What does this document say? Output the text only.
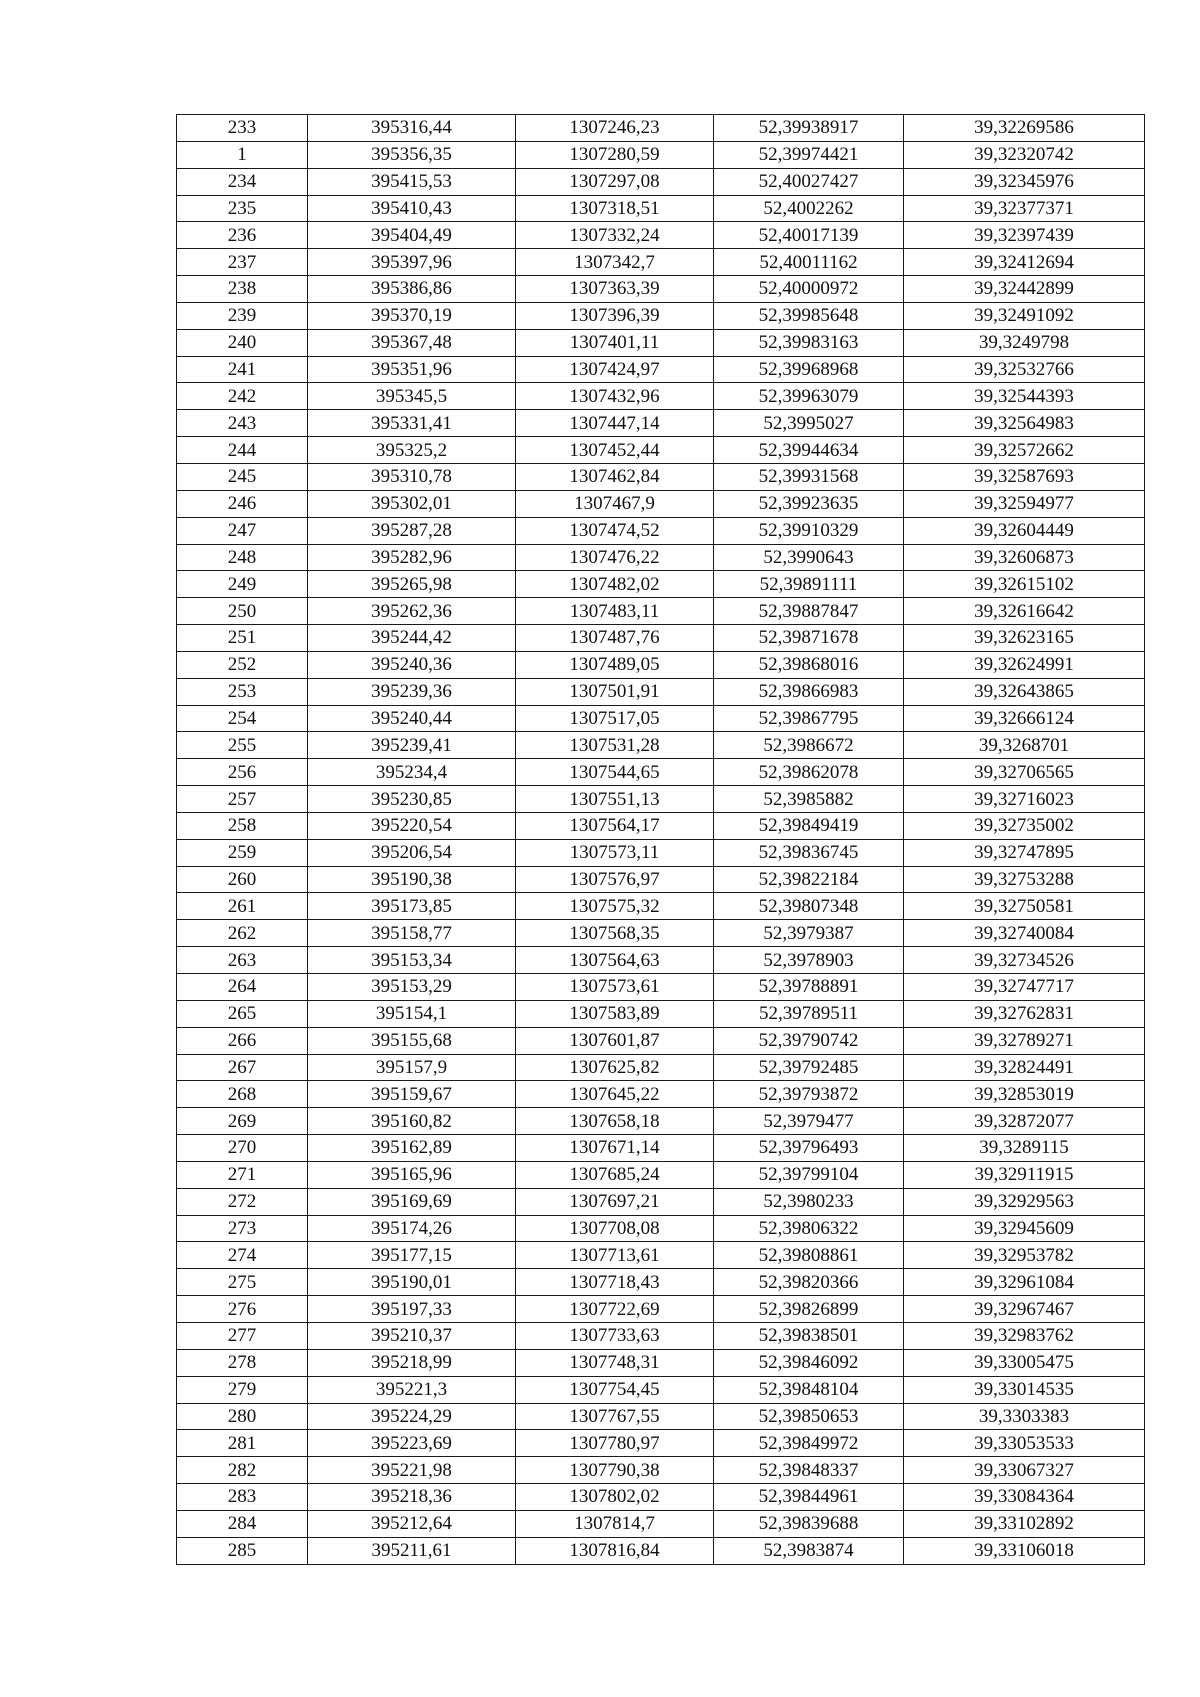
233	395316,44	1307246,23	52,39938917	39,32269586
1	395356,35	1307280,59	52,39974421	39,32320742
234	395415,53	1307297,08	52,40027427	39,32345976
235	395410,43	1307318,51	52,4002262	39,32377371
236	395404,49	1307332,24	52,40017139	39,32397439
237	395397,96	1307342,7	52,40011162	39,32412694
238	395386,86	1307363,39	52,40000972	39,32442899
239	395370,19	1307396,39	52,39985648	39,32491092
240	395367,48	1307401,11	52,39983163	39,3249798
241	395351,96	1307424,97	52,39968968	39,32532766
242	395345,5	1307432,96	52,39963079	39,32544393
243	395331,41	1307447,14	52,3995027	39,32564983
244	395325,2	1307452,44	52,39944634	39,32572662
245	395310,78	1307462,84	52,39931568	39,32587693
246	395302,01	1307467,9	52,39923635	39,32594977
247	395287,28	1307474,52	52,39910329	39,32604449
248	395282,96	1307476,22	52,3990643	39,32606873
249	395265,98	1307482,02	52,39891111	39,32615102
250	395262,36	1307483,11	52,39887847	39,32616642
251	395244,42	1307487,76	52,39871678	39,32623165
252	395240,36	1307489,05	52,39868016	39,32624991
253	395239,36	1307501,91	52,39866983	39,32643865
254	395240,44	1307517,05	52,39867795	39,32666124
255	395239,41	1307531,28	52,3986672	39,3268701
256	395234,4	1307544,65	52,39862078	39,32706565
257	395230,85	1307551,13	52,3985882	39,32716023
258	395220,54	1307564,17	52,39849419	39,32735002
259	395206,54	1307573,11	52,39836745	39,32747895
260	395190,38	1307576,97	52,39822184	39,32753288
261	395173,85	1307575,32	52,39807348	39,32750581
262	395158,77	1307568,35	52,3979387	39,32740084
263	395153,34	1307564,63	52,3978903	39,32734526
264	395153,29	1307573,61	52,39788891	39,32747717
265	395154,1	1307583,89	52,39789511	39,32762831
266	395155,68	1307601,87	52,39790742	39,32789271
267	395157,9	1307625,82	52,39792485	39,32824491
268	395159,67	1307645,22	52,39793872	39,32853019
269	395160,82	1307658,18	52,3979477	39,32872077
270	395162,89	1307671,14	52,39796493	39,3289115
271	395165,96	1307685,24	52,39799104	39,32911915
272	395169,69	1307697,21	52,3980233	39,32929563
273	395174,26	1307708,08	52,39806322	39,32945609
274	395177,15	1307713,61	52,39808861	39,32953782
275	395190,01	1307718,43	52,39820366	39,32961084
276	395197,33	1307722,69	52,39826899	39,32967467
277	395210,37	1307733,63	52,39838501	39,32983762
278	395218,99	1307748,31	52,39846092	39,33005475
279	395221,3	1307754,45	52,39848104	39,33014535
280	395224,29	1307767,55	52,39850653	39,3303383
281	395223,69	1307780,97	52,39849972	39,33053533
282	395221,98	1307790,38	52,39848337	39,33067327
283	395218,36	1307802,02	52,39844961	39,33084364
284	395212,64	1307814,7	52,39839688	39,33102892
285	395211,61	1307816,84	52,3983874	39,33106018
